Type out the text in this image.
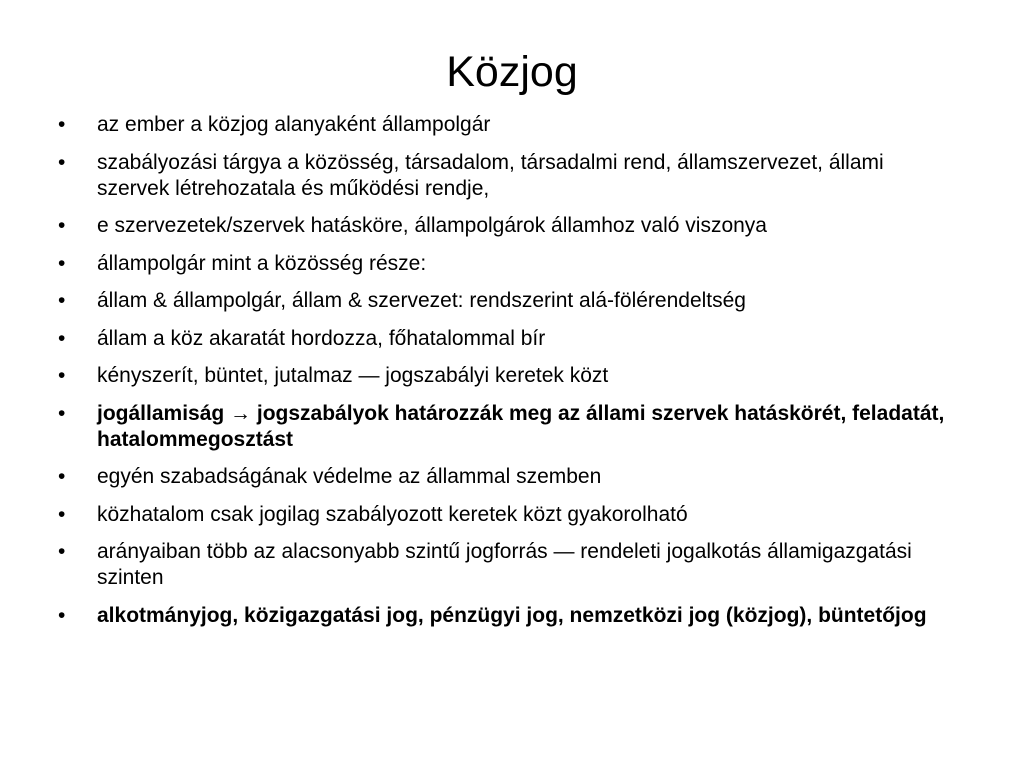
Közjog
•	az ember a közjog alanyaként állampolgár
•	szabályozási tárgya a közösség, társadalom, társadalmi rend, államszervezet, állami szervek létrehozatala és működési rendje,
•	e szervezetek/szervek hatásköre, állampolgárok államhoz való viszonya
•	állampolgár mint a közösség része:
•	állam & állampolgár, állam & szervezet: rendszerint alá-fölérendeltség
•	állam a köz akaratát hordozza, főhatalommal bír
•	kényszerít, büntet, jutalmaz — jogszabályi keretek közt
•	jogállamiság → jogszabályok határozzák meg az állami szervek hatáskörét, feladatát, hatalommegosztást
•	egyén szabadságának védelme az állammal szemben
•	közhatalom csak jogilag szabályozott keretek közt gyakorolható
•	arányaiban több az alacsonyabb szintű jogforrás — rendeleti jogalkotás államigazgatási szinten
•	alkotmányjog, közigazgatási jog, pénzügyi jog, nemzetközi jog (közjog), büntetőjog
